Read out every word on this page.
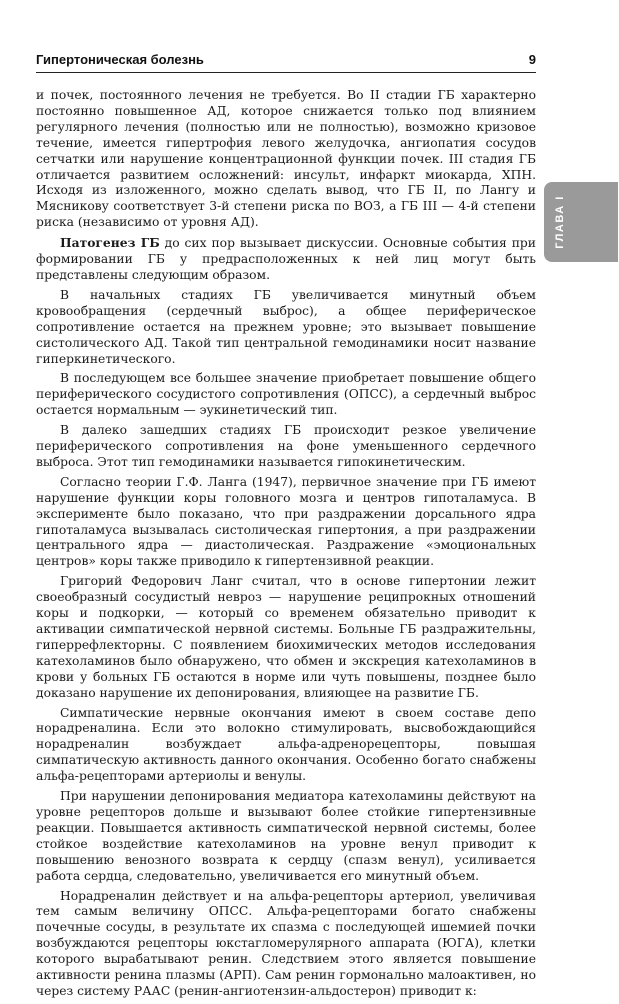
Гипертоническая болезнь	9
ГЛАВА I

и почек, постоянного лечения не требуется. Во II стадии ГБ характерно постоянно повышенное АД, которое снижается только под влиянием регулярного лечения (полностью или не полностью), возможно кризовое течение, имеется гипертрофия левого желудочка, ангиопатия сосудов сетчатки или нарушение концентрационной функции почек. III стадия ГБ отличается развитием осложнений: инсульт, инфаркт миокарда, ХПН. Исходя из изложенного, можно сделать вывод, что ГБ II, по Лангу и Мясникову соответствует 3-й степени риска по ВОЗ, а ГБ III — 4-й степени риска (независимо от уровня АД).

Патогенез ГБ до сих пор вызывает дискуссии. Основные события при формировании ГБ у предрасположенных к ней лиц могут быть представлены следующим образом.

В начальных стадиях ГБ увеличивается минутный объем кровообращения (сердечный выброс), а общее периферическое сопротивление остается на прежнем уровне; это вызывает повышение систолического АД. Такой тип центральной гемодинамики носит название гиперкинетического.

В последующем все большее значение приобретает повышение общего периферического сосудистого сопротивления (ОПСС), а сердечный выброс остается нормальным — эукинетический тип.

В далеко зашедших стадиях ГБ происходит резкое увеличение периферического сопротивления на фоне уменьшенного сердечного выброса. Этот тип гемодинамики называется гипокинетическим.

Согласно теории Г.Ф. Ланга (1947), первичное значение при ГБ имеют нарушение функции коры головного мозга и центров гипоталамуса. В эксперименте было показано, что при раздражении дорсального ядра гипоталамуса вызывалась систолическая гипертония, а при раздражении центрального ядра — диастолическая. Раздражение «эмоциональных центров» коры также приводило к гипертензивной реакции.

Григорий Федорович Ланг считал, что в основе гипертонии лежит своеобразный сосудистый невроз — нарушение реципрокных отношений коры и подкорки, — который со временем обязательно приводит к активации симпатической нервной системы. Больные ГБ раздражительны, гиперрефлекторны. С появлением биохимических методов исследования катехоламинов было обнаружено, что обмен и экскреция катехоламинов в крови у больных ГБ остаются в норме или чуть повышены, позднее было доказано нарушение их депонирования, влияющее на развитие ГБ.

Симпатические нервные окончания имеют в своем составе депо норадреналина. Если это волокно стимулировать, высвобождающийся норадреналин возбуждает альфа-адренорецепторы, повышая симпатическую активность данного окончания. Особенно богато снабжены альфа-рецепторами артериолы и венулы.

При нарушении депонирования медиатора катехоламины действуют на уровне рецепторов дольше и вызывают более стойкие гипертензивные реакции. Повышается активность симпатической нервной системы, более стойкое воздействие катехоламинов на уровне венул приводит к повышению венозного возврата к сердцу (спазм венул), усиливается работа сердца, следовательно, увеличивается его минутный объем.

Норадреналин действует и на альфа-рецепторы артериол, увеличивая тем самым величину ОПСС. Альфа-рецепторами богато снабжены почечные сосуды, в результате их спазма с последующей ишемией почки возбуждаются рецепторы юкстагломерулярного аппарата (ЮГА), клетки которого вырабатывают ренин. Следствием этого является повышение активности ренина плазмы (АРП). Сам ренин гормонально малоактивен, но через систему РААС (ренин-ангиотензин-альдостерон) приводит к:
